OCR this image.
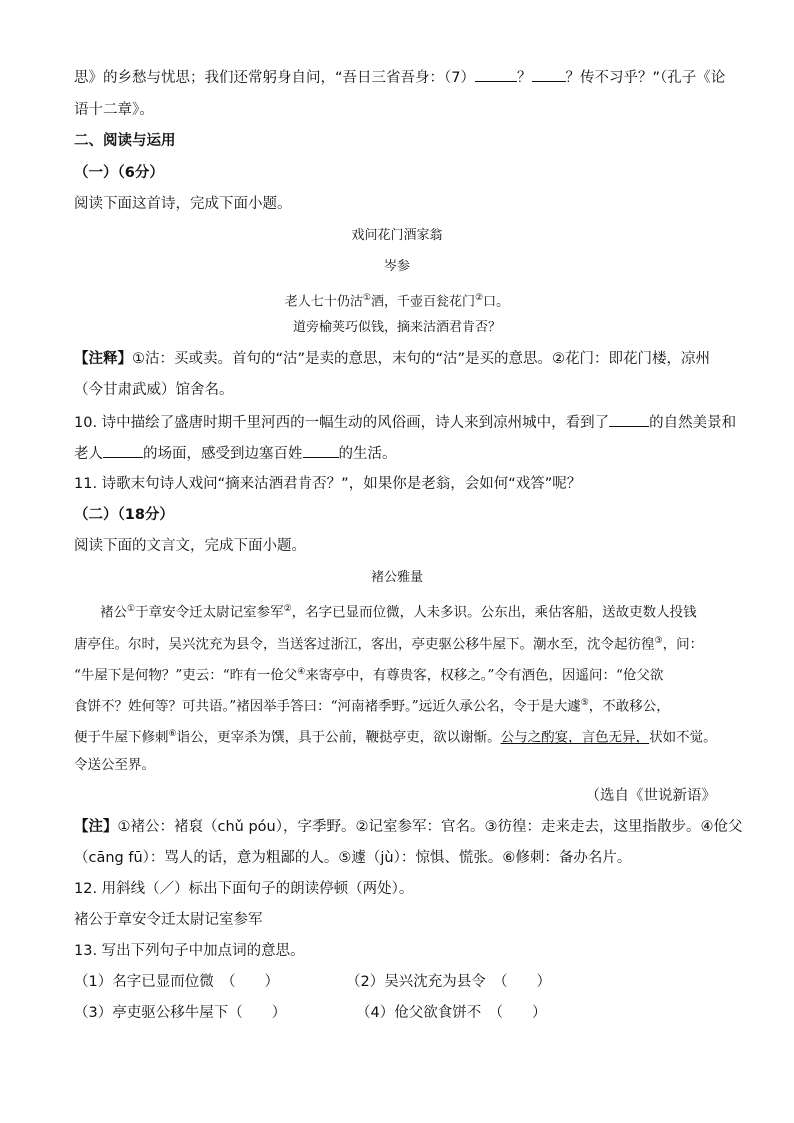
思》的乡愁与忧思；我们还常躬身自问，“吾日三省吾身：（7）	？ ？传不习乎？”（孔子《论
语十二章》。
二、阅读与运用
（一）（6分）
阅读下面这首诗，完成下面小题。
戏问花门酒家翁
岑参
老人七十仍沽①酒，千壶百瓮花门②口。
道旁榆荚巧似钱，摘来沽酒君肯否？
【注释】①沽：买或卖。首句的“沽”是卖的意思，末句的“沽”是买的意思。②花门：即花门楼，凉州
（今甘肃武威）馆舍名。
10. 诗中描绘了盛唐时期千里河西的一幅生动的风俗画，诗人来到凉州城中，看到了	的自然美景和
老人	的场面，感受到边塞百姓 的生活。
11. 诗歌末句诗人戏问“摘来沽酒君肯否？”，如果你是老翁，会如何“戏答”呢？
（二）（18分）
阅读下面的文言文，完成下面小题。
褚公雅量
褚公①于章安令迁太尉记室参军②，名字已显而位微，人未多识。公东出，乘估客船，送故吏数人投钱
唐亭住。尔时，吴兴沈充为县令，当送客过浙江，客出，亭吏驱公移牛屋下。潮水至，沈令起彷徨③，问：
“牛屋下是何物？”吏云：“昨有一伧父④来寄亭中，有尊贵客，权移之。”令有酒色，因遥问：“伧父欲
食饼不？姓何等？可共语。”褚因举手答曰：“河南褚季野。”远近久承公名，令于是大遽⑤，不敢移公，
便于牛屋下修刺⑥诣公，更宰杀为馔，具于公前，鞭挞亭吏，欲以谢惭。公与之酌宴，言色无异，状如不觉。
令送公至界。
（选自《世说新语》
【注】①褚公：褚裒（chǔ póu），字季野。②记室参军：官名。③彷徨：走来走去，这里指散步。④伧父
（cāng fū）：骂人的话，意为粗鄙的人。⑤遽（jù）：惊惧、慌张。⑥修刺：备办名片。
12. 用斜线（／）标出下面句子的朗读停顿（两处）。
褚公于章安令迁太尉记室参军
13. 写出下列句子中加点词的意思。
（1）名字已显而位微　（　　）	（2）吴兴沈充为县令　（　　）
（3）亭吏驱公移牛屋下（　　）	（4）伧父欲食饼不　（　　）
